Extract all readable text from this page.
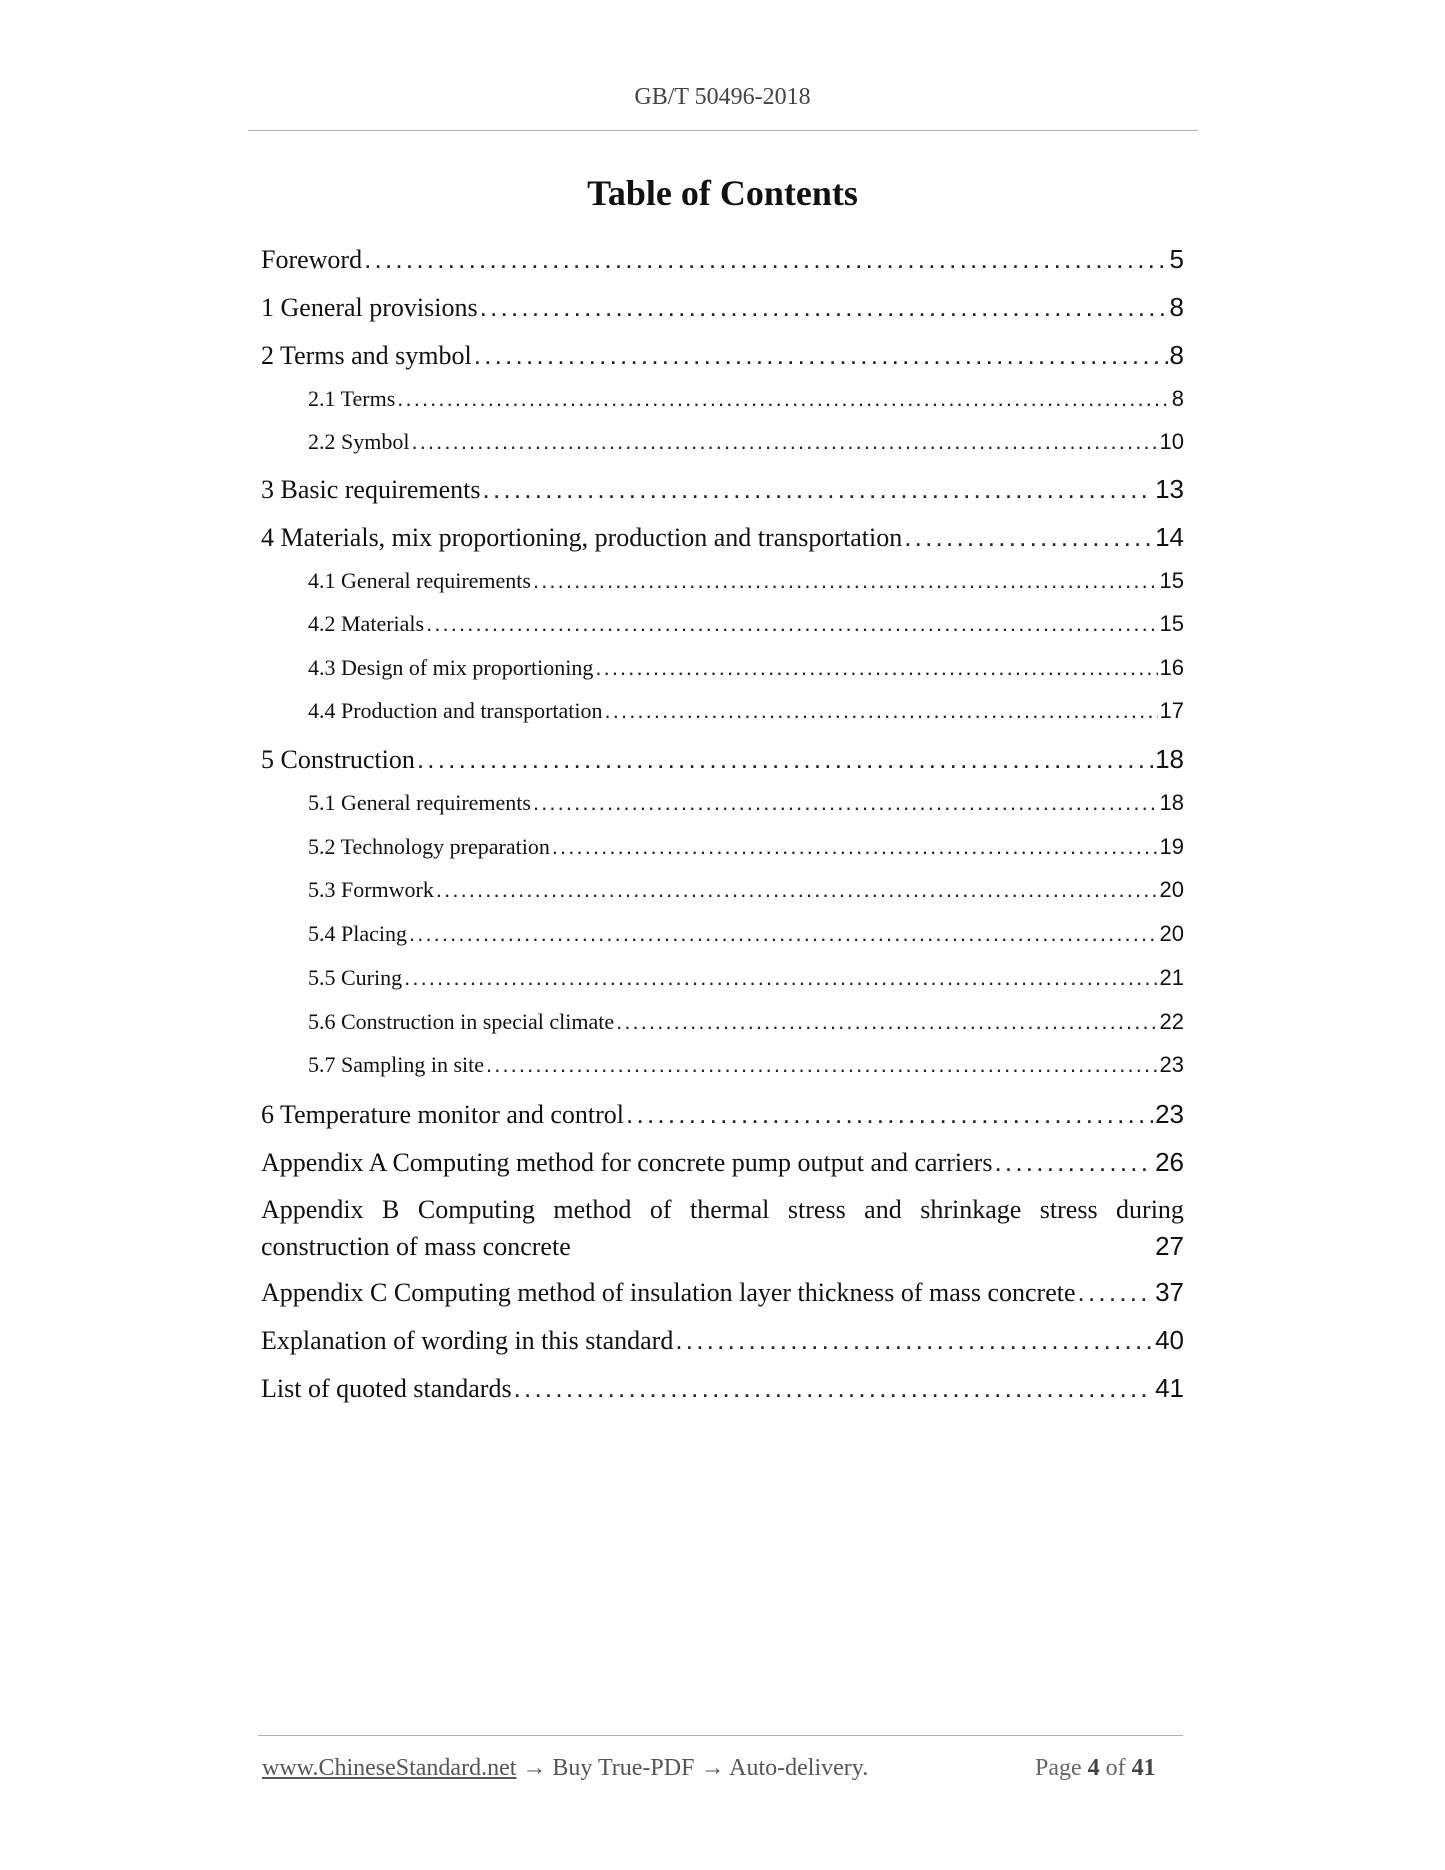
GB/T 50496-2018
Table of Contents
Foreword . . .	5
1 General provisions . . .	8
2 Terms and symbol . . .	8
2.1 Terms . . .	8
2.2 Symbol . . .	10
3 Basic requirements . . .	13
4 Materials, mix proportioning, production and transportation . . .	14
4.1 General requirements . . .	15
4.2 Materials . . .	15
4.3 Design of mix proportioning . . .	16
4.4 Production and transportation . . .	17
5 Construction . . .	18
5.1 General requirements . . .	18
5.2 Technology preparation . . .	19
5.3 Formwork . . .	20
5.4 Placing . . .	20
5.5 Curing . . .	21
5.6 Construction in special climate . . .	22
5.7 Sampling in site . . .	23
6 Temperature monitor and control . . .	23
Appendix A Computing method for concrete pump output and carriers . . .	26
Appendix B Computing method of thermal stress and shrinkage stress during
construction of mass concrete	27
Appendix C Computing method of insulation layer thickness of mass concrete . . .	37
Explanation of wording in this standard . . .	40
List of quoted standards . . .	41
www.ChineseStandard.net → Buy True-PDF → Auto-delivery.	Page 4 of 41
